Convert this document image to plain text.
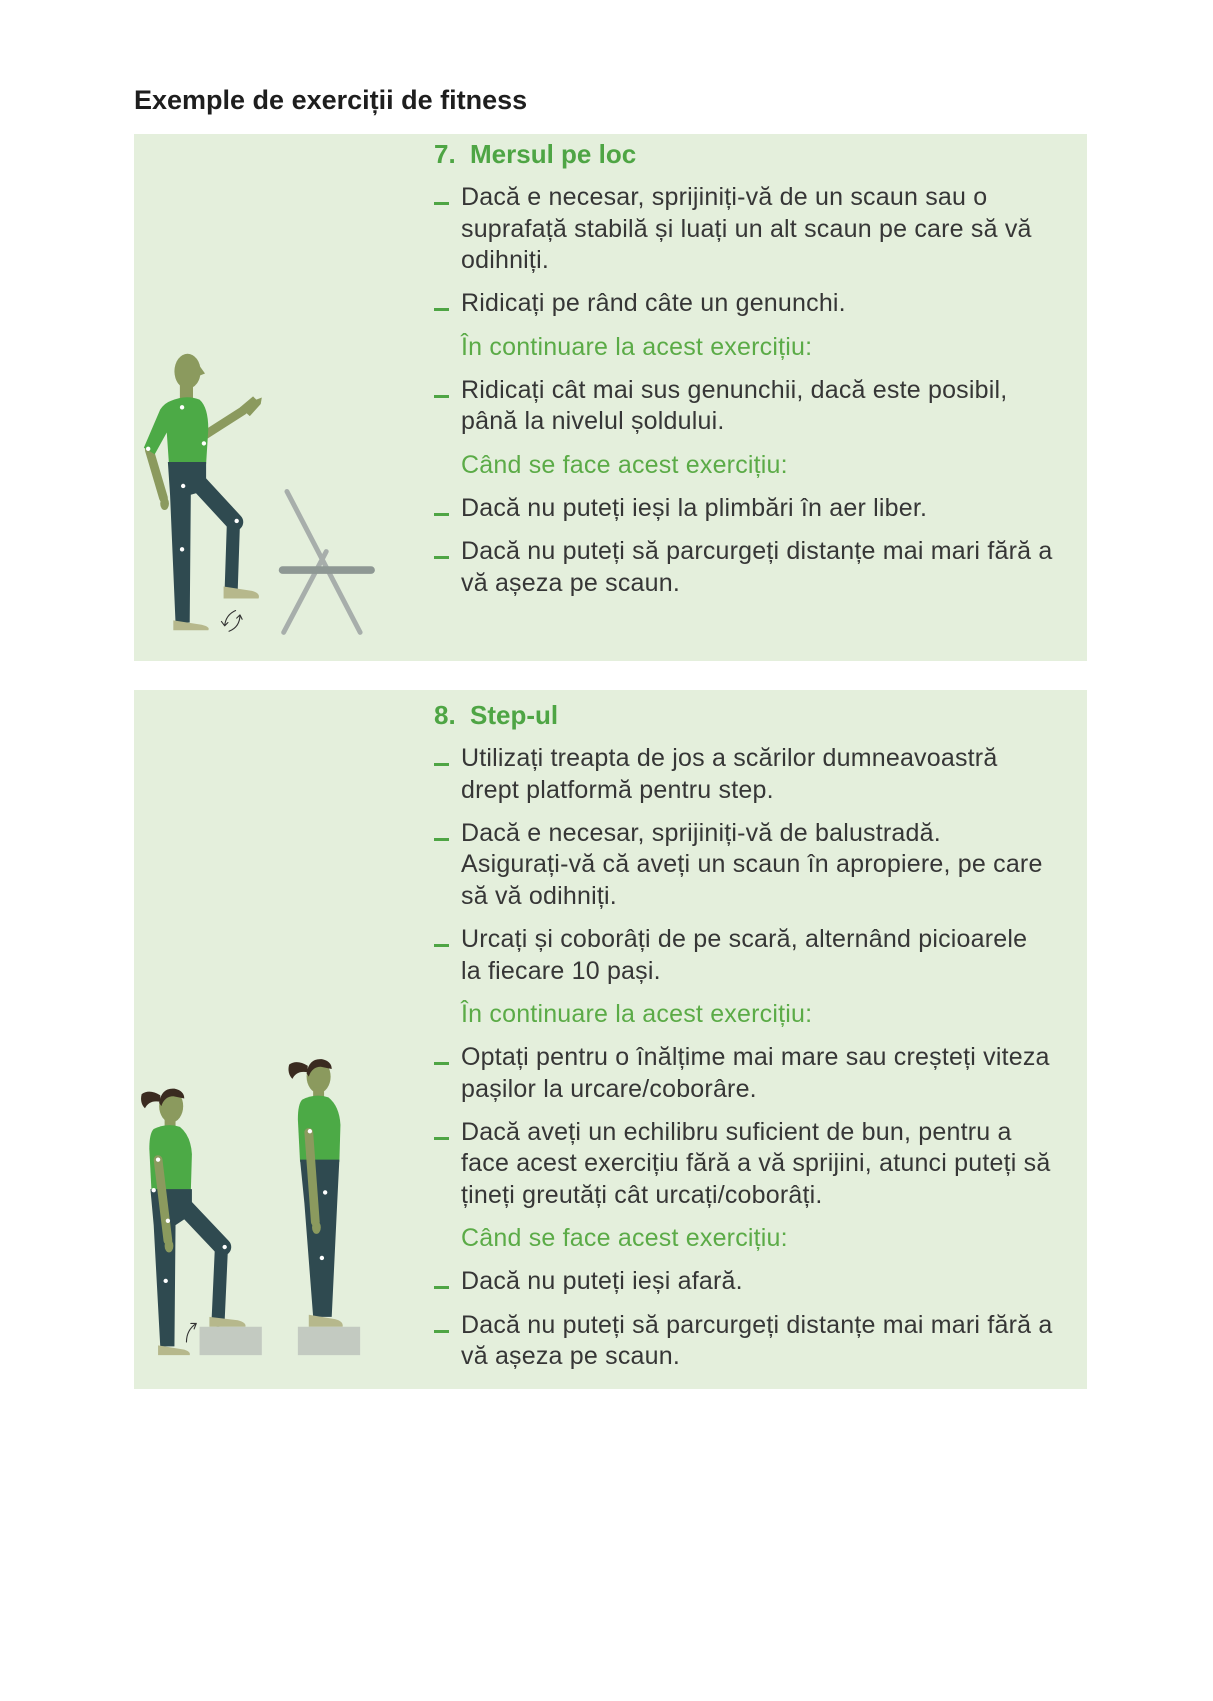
Exemple de exerciții de fitness
7. Mersul pe loc
Dacă e necesar, sprijiniți-vă de un scaun sau o
suprafață stabilă și luați un alt scaun pe care să vă
odihniți.
Ridicați pe rând câte un genunchi.
În continuare la acest exercițiu:
Ridicați cât mai sus genunchii, dacă este posibil,
până la nivelul șoldului.
Când se face acest exercițiu:
Dacă nu puteți ieși la plimbări în aer liber.
Dacă nu puteți să parcurgeți distanțe mai mari fără a
vă așeza pe scaun.
8. Step-ul
Utilizați treapta de jos a scărilor dumneavoastră
drept platformă pentru step.
Dacă e necesar, sprijiniți-vă de balustradă.
Asigurați-vă că aveți un scaun în apropiere, pe care
să vă odihniți.
Urcați și coborâți de pe scară, alternând picioarele
la fiecare 10 pași.
În continuare la acest exercițiu:
Optați pentru o înălțime mai mare sau creșteți viteza
pașilor la urcare/coborâre.
Dacă aveți un echilibru suficient de bun, pentru a
face acest exercițiu fără a vă sprijini, atunci puteți să
țineți greutăți cât urcați/coborâți.
Când se face acest exercițiu:
Dacă nu puteți ieși afară.
Dacă nu puteți să parcurgeți distanțe mai mari fără a
vă așeza pe scaun.
